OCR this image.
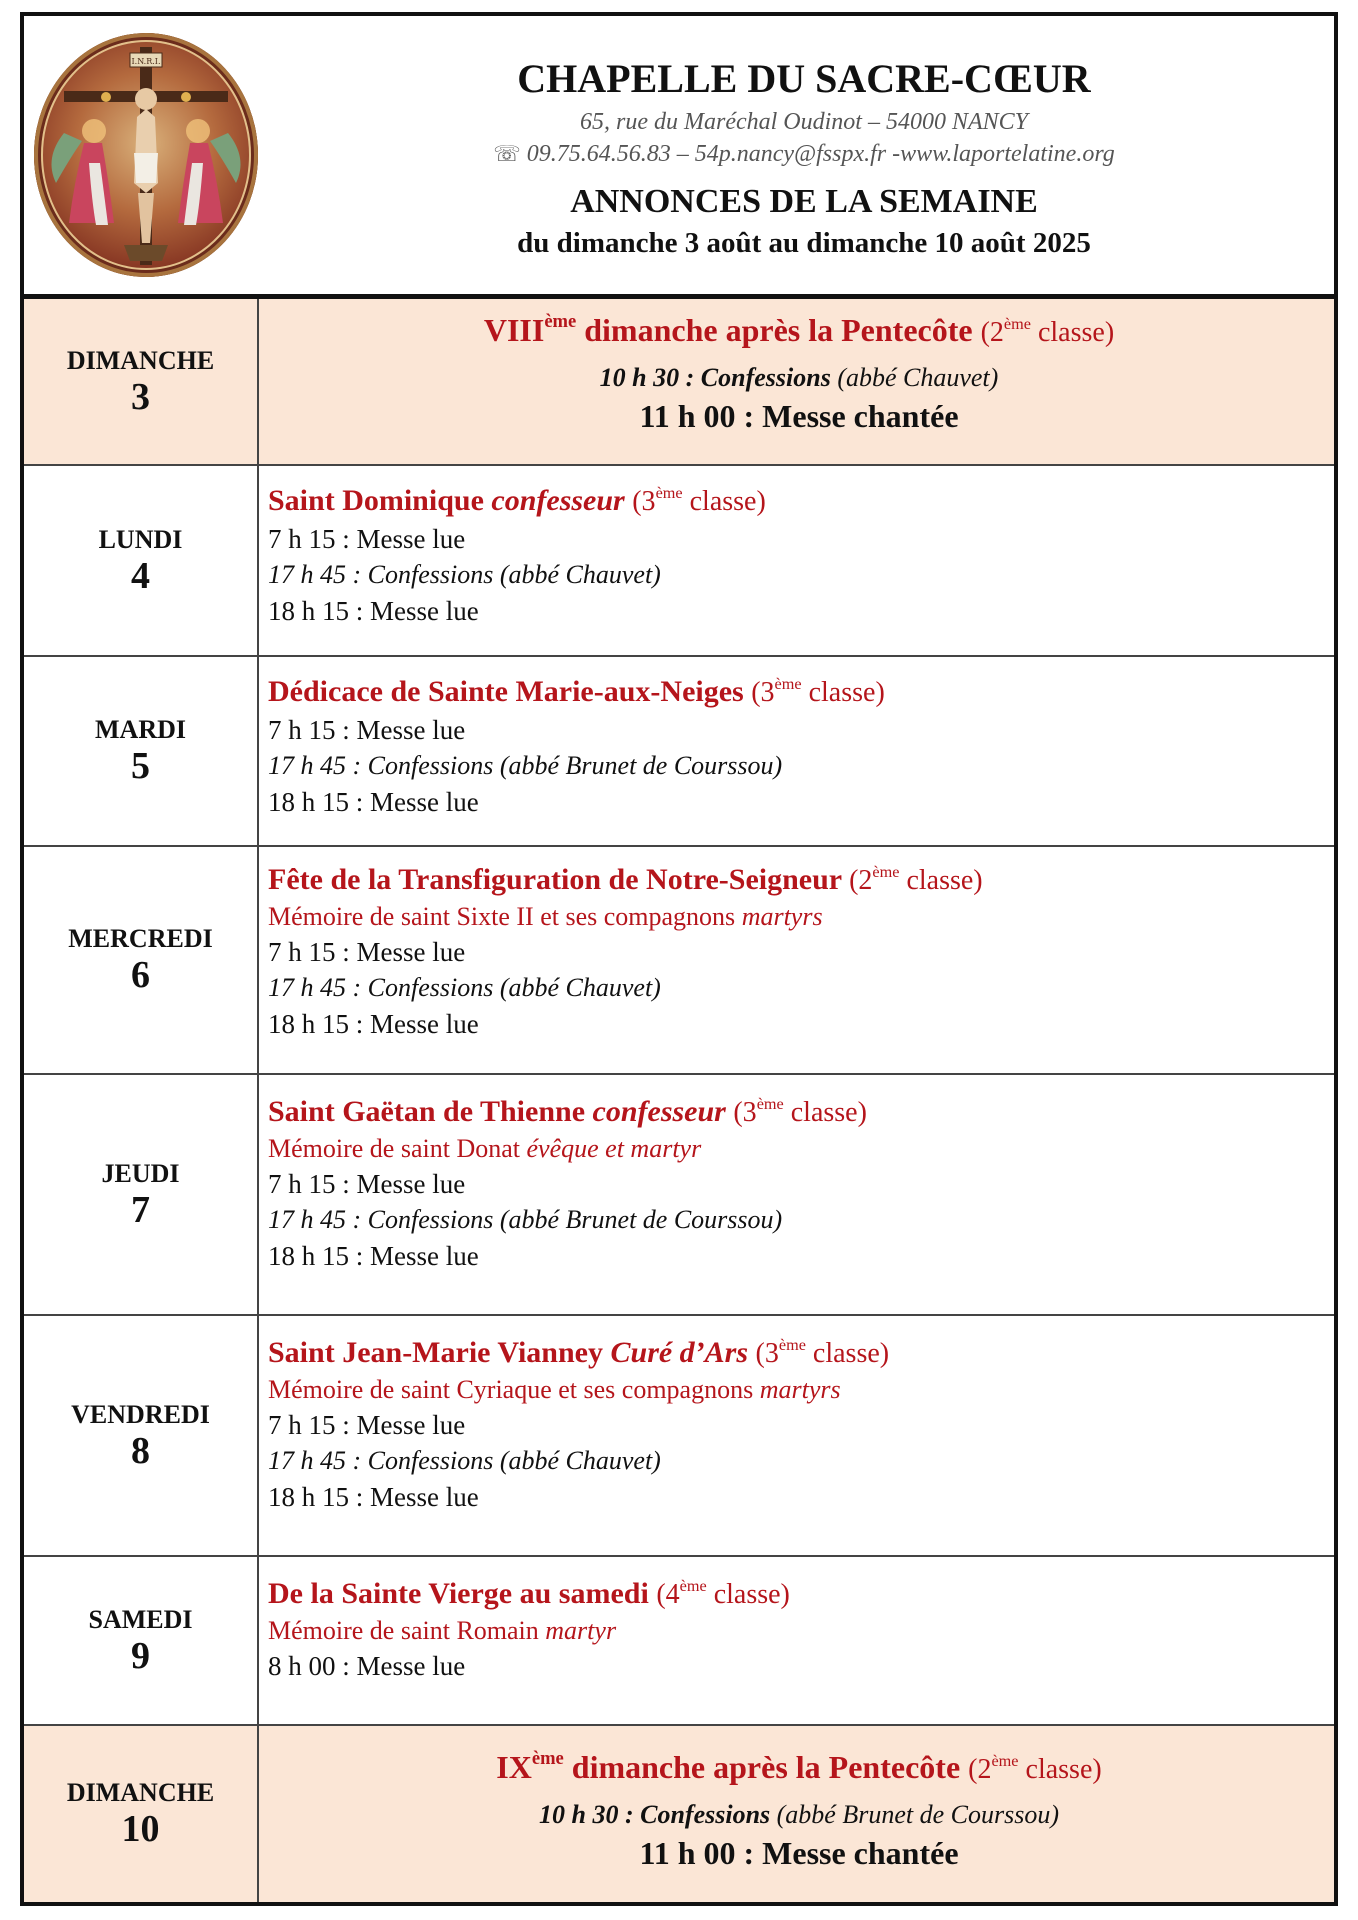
I.N.R.I.	CHAPELLE DU SACRE-CŒUR
65, rue du Maréchal Oudinot – 54000 NANCY
☏ 09.75.64.56.83 – 54p.nancy@fsspx.fr -www.laportelatine.org
ANNONCES DE LA SEMAINE
du dimanche 3 août au dimanche 10 août 2025
DIMANCHE
3
VIIIème dimanche après la Pentecôte (2ème classe)
10 h 30 : Confessions (abbé Chauvet)
11 h 00 : Messe chantée
LUNDI
4
Saint Dominique confesseur (3ème classe)
7 h 15 : Messe lue
17 h 45 : Confessions (abbé Chauvet)
18 h 15 : Messe lue
MARDI
5
Dédicace de Sainte Marie-aux-Neiges (3ème classe)
7 h 15 : Messe lue
17 h 45 : Confessions (abbé Brunet de Courssou)
18 h 15 : Messe lue
MERCREDI
6
Fête de la Transfiguration de Notre-Seigneur (2ème classe)
Mémoire de saint Sixte II et ses compagnons martyrs
7 h 15 : Messe lue
17 h 45 : Confessions (abbé Chauvet)
18 h 15 : Messe lue
JEUDI
7
Saint Gaëtan de Thienne confesseur (3ème classe)
Mémoire de saint Donat évêque et martyr
7 h 15 : Messe lue
17 h 45 : Confessions (abbé Brunet de Courssou)
18 h 15 : Messe lue
VENDREDI
8
Saint Jean-Marie Vianney Curé d’Ars (3ème classe)
Mémoire de saint Cyriaque et ses compagnons martyrs
7 h 15 : Messe lue
17 h 45 : Confessions (abbé Chauvet)
18 h 15 : Messe lue
SAMEDI
9
De la Sainte Vierge au samedi (4ème classe)
Mémoire de saint Romain martyr
8 h 00 : Messe lue
DIMANCHE
10
IXème dimanche après la Pentecôte (2ème classe)
10 h 30 : Confessions (abbé Brunet de Courssou)
11 h 00 : Messe chantée
